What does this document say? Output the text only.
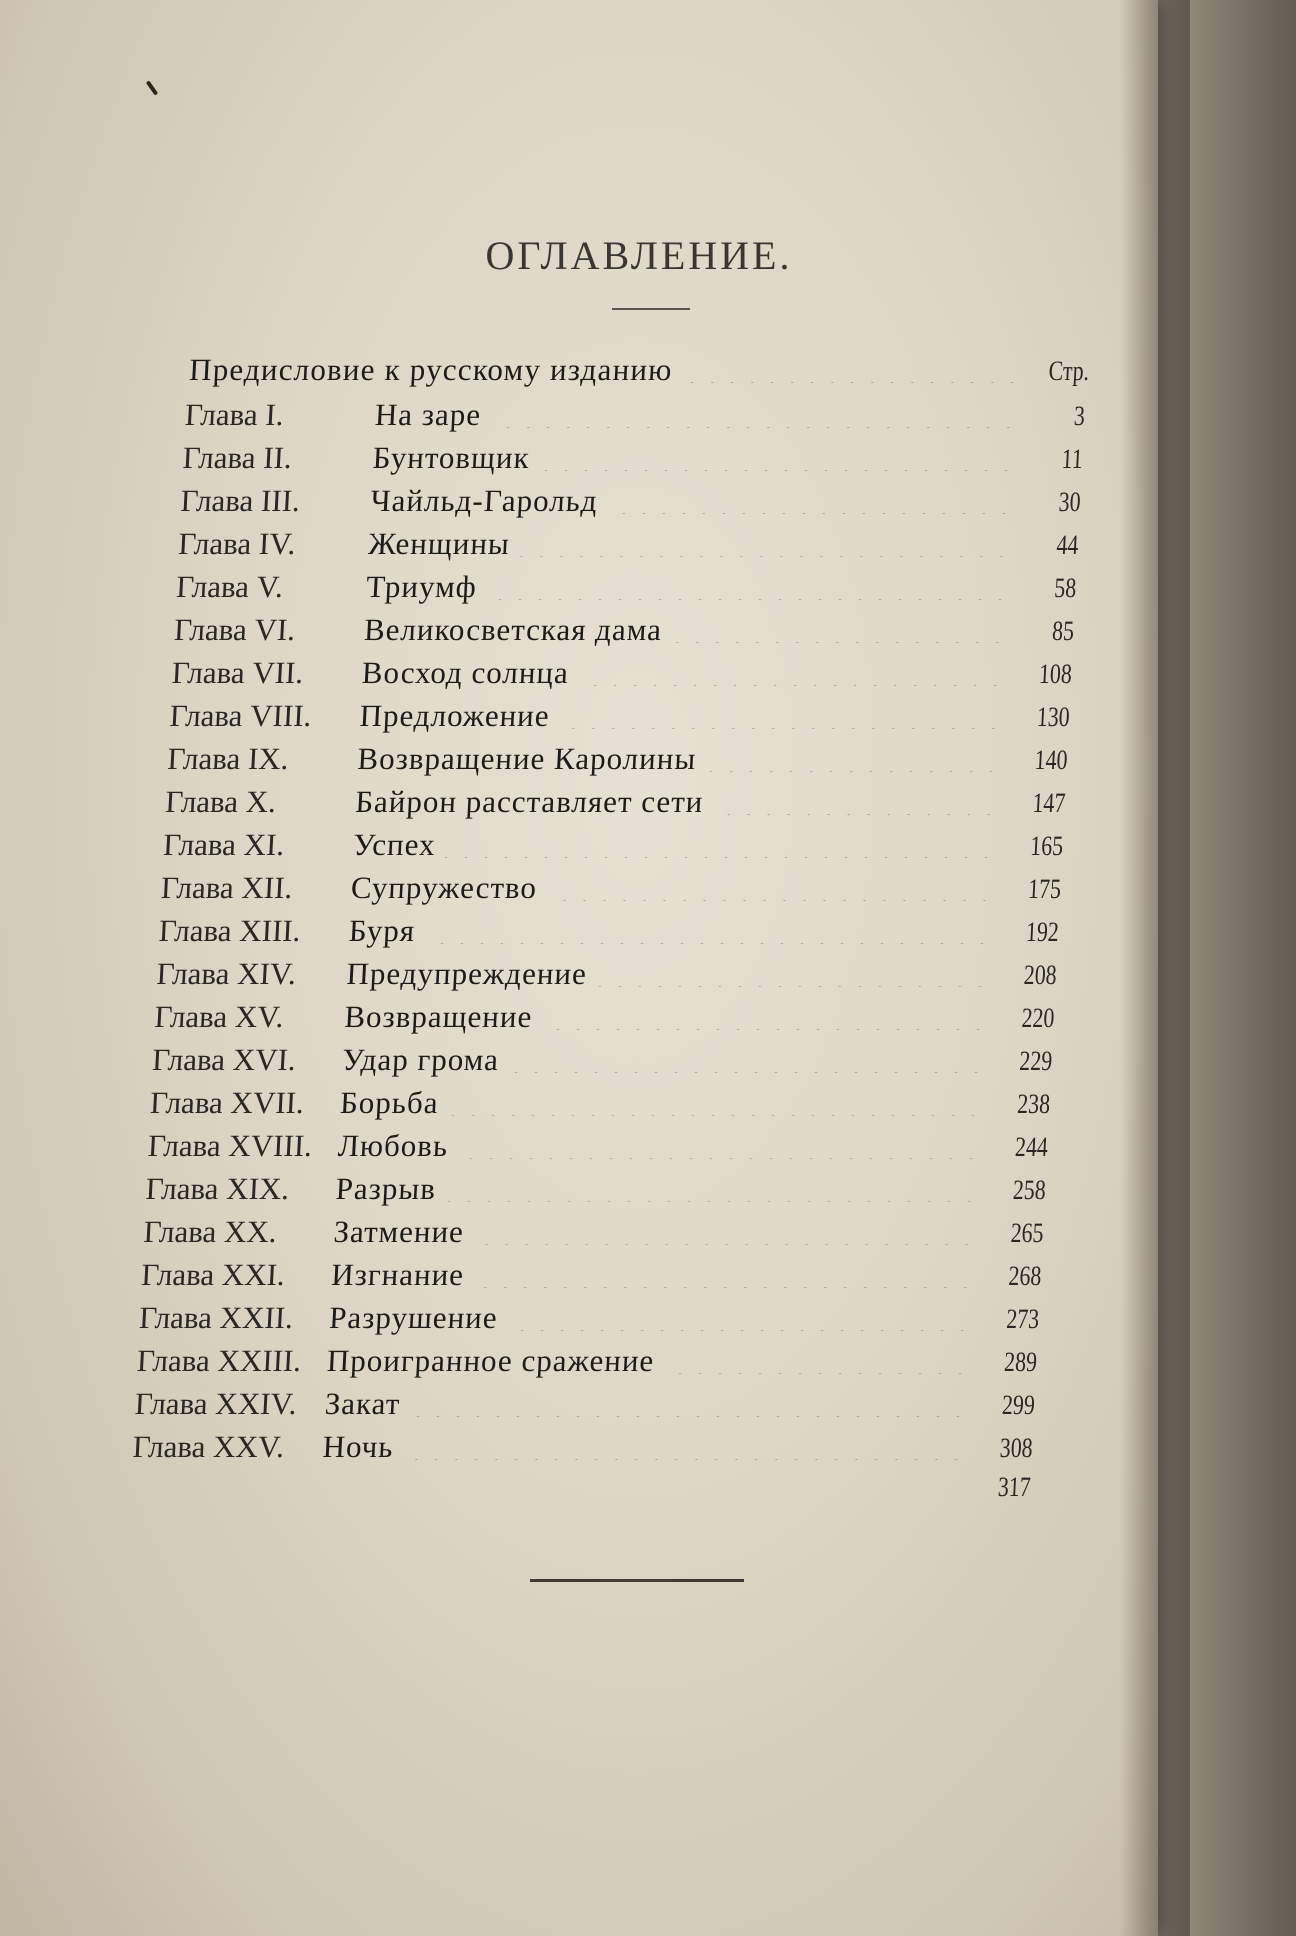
ОГЛАВЛЕНИЕ.
Предисловие к русскому изданию	Стр.
Глава I.	На заре	3
Глава II.	Бунтовщик	11
Глава III.	Чайльд-Гарольд	30
Глава IV.	Женщины	44
Глава V.	Триумф	58
Глава VI.	Великосветская дама	85
Глава VII.	Восход солнца	108
Глава VIII.	Предложение	130
Глава IX.	Возвращение Каролины	140
Глава X.	Байрон расставляет сети	147
Глава XI.	Успех	165
Глава XII.	Супружество	175
Глава XIII.	Буря	192
Глава XIV.	Предупреждение	208
Глава XV.	Возвращение	220
Глава XVI.	Удар грома	229
Глава XVII.	Борьба	238
Глава XVIII. Любовь	244
Глава XIX.	Разрыв	258
Глава XX.	Затмение	265
Глава XXI.	Изгнание	268
Глава XXII.	Разрушение	273
Глава XXIII. Проигранное сражение	289
Глава XXIV. Закат	299
Глава XXV.	Ночь	308
317
